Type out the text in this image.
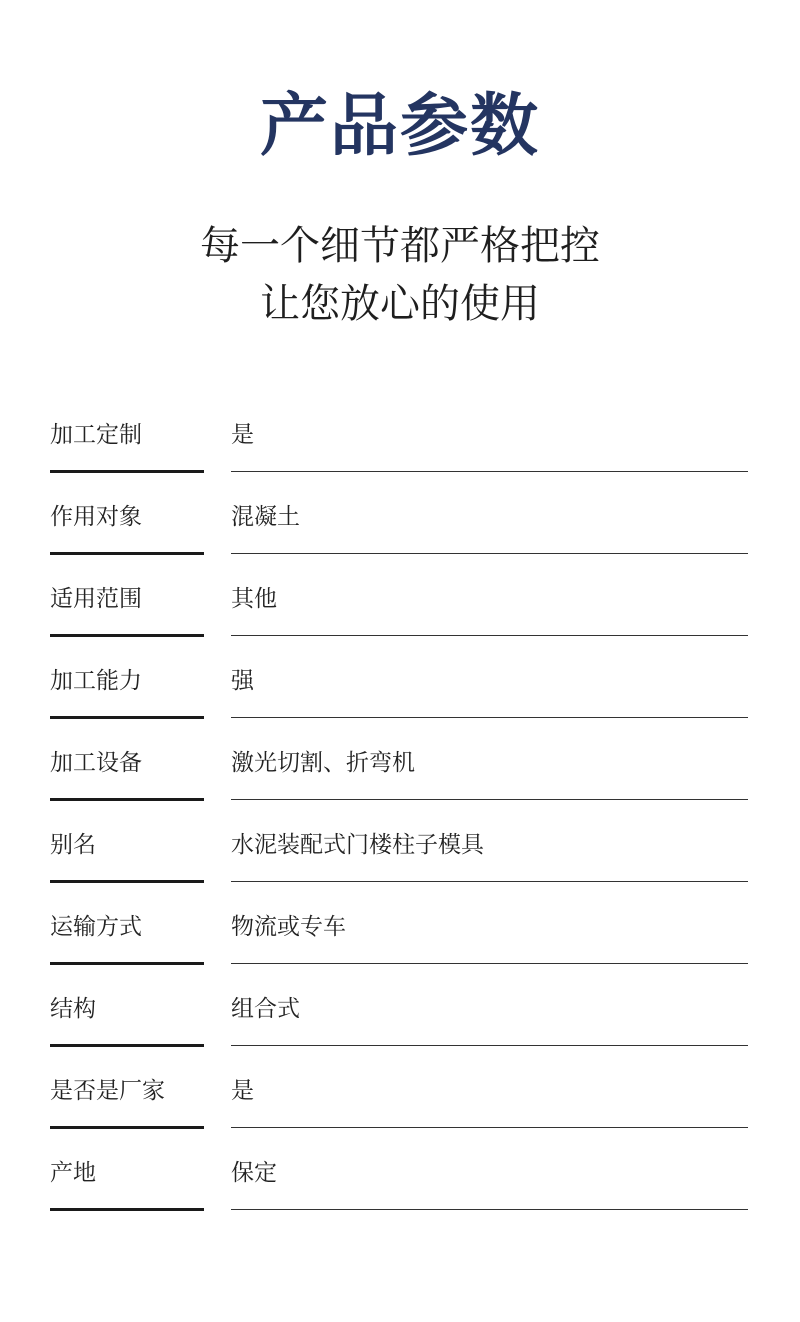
产品参数
每一个细节都严格把控
让您放心的使用
加工定制	是
作用对象	混凝土
适用范围	其他
加工能力	强
加工设备	激光切割、折弯机
别名	水泥装配式门楼柱子模具
运输方式	物流或专车
结构	组合式
是否是厂家	是
产地	保定
